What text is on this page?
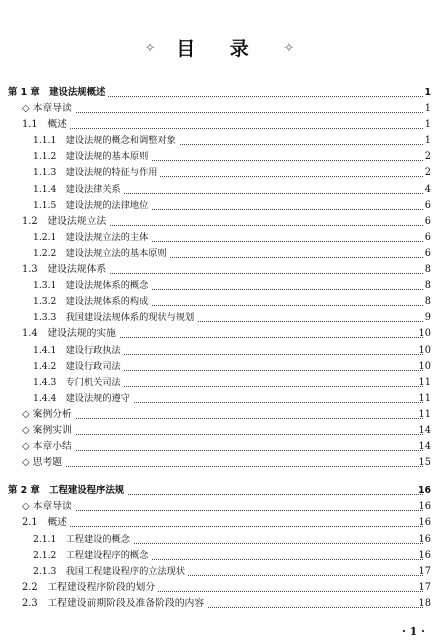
✧ 目 录 ✧
第 1 章　建设法规概述	1
◇ 本章导读	1
1.1　概述	1
1.1.1　建设法规的概念和调整对象	1
1.1.2　建设法规的基本原则	2
1.1.3　建设法规的特征与作用	2
1.1.4　建设法律关系	4
1.1.5　建设法规的法律地位	6
1.2　建设法规立法	6
1.2.1　建设法规立法的主体	6
1.2.2　建设法规立法的基本原则	6
1.3　建设法规体系	8
1.3.1　建设法规体系的概念	8
1.3.2　建设法规体系的构成	8
1.3.3　我国建设法规体系的现状与规划	9
1.4　建设法规的实施	10
1.4.1　建设行政执法	10
1.4.2　建设行政司法	10
1.4.3　专门机关司法	11
1.4.4　建设法规的遵守	11
◇ 案例分析	11
◇ 案例实训	14
◇ 本章小结	14
◇ 思考题	15
第 2 章　工程建设程序法规	16
◇ 本章导读	16
2.1　概述	16
2.1.1　工程建设的概念	16
2.1.2　工程建设程序的概念	16
2.1.3　我国工程建设程序的立法现状	17
2.2　工程建设程序阶段的划分	17
2.3　工程建设前期阶段及准备阶段的内容	18
· 1 ·
